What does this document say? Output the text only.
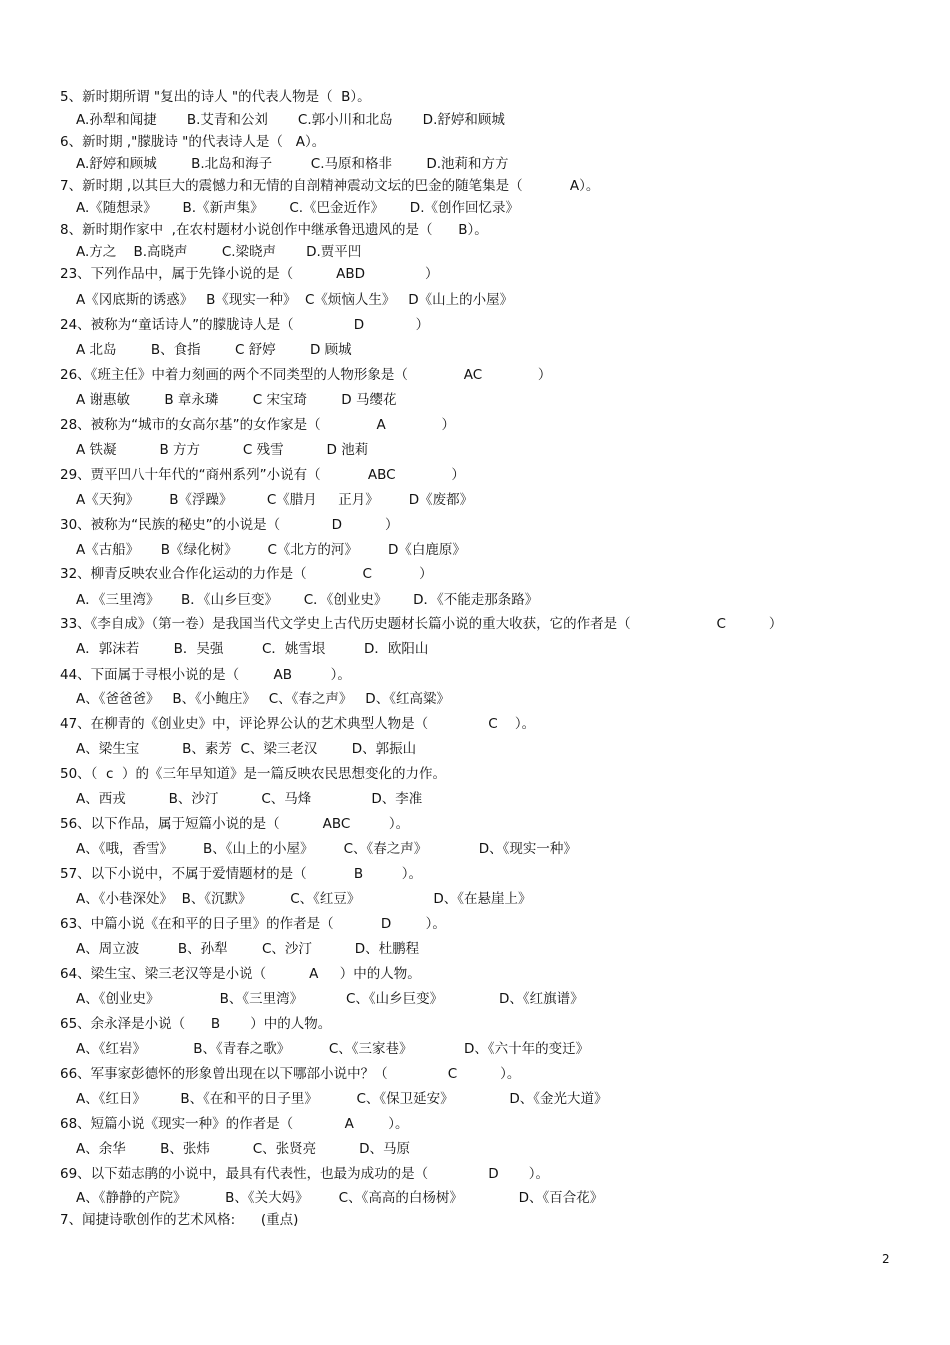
5、新时期所谓 "复出的诗人 "的代表人物是（  B）。
A.孙犁和闻捷       B.艾青和公刘       C.郭小川和北岛       D.舒婷和顾城
6、新时期 ,"朦胧诗 "的代表诗人是（   A）。
A.舒婷和顾城        B.北岛和海子         C.马原和格非        D.池莉和方方
7、新时期 ,以其巨大的震憾力和无情的自剖精神震动文坛的巴金的随笔集是（           A）。
A.《随想录》      B.《新声集》      C.《巴金近作》      D.《创作回忆录》
8、新时期作家中  ,在农村题材小说创作中继承鲁迅遗风的是（      B）。
A.方之    B.高晓声        C.梁晓声       D.贾平凹
23、下列作品中，属于先锋小说的是（          ABD              ）
A《冈底斯的诱惑》   B《现实一种》  C《烦恼人生》   D《山上的小屋》
24、被称为“童话诗人”的朦胧诗人是（              D            ）
A 北岛        B、食指        C 舒婷        D 顾城
26、《班主任》中着力刻画的两个不同类型的人物形象是（             AC             ）
A 谢惠敏        B 章永璘        C 宋宝琦        D 马缨花
28、被称为“城市的女高尔基”的女作家是（             A             ）
A 铁凝          B 方方          C 残雪          D 池莉
29、贾平凹八十年代的“商州系列”小说有（           ABC             ）
A《天狗》       B《浮躁》        C《腊月     正月》       D《废都》
30、被称为“民族的秘史”的小说是（            D          ）
A《古船》     B《绿化树》       C《北方的河》       D《白鹿原》
32、柳青反映农业合作化运动的力作是（             C           ）
A．《三里湾》     B．《山乡巨变》      C．《创业史》      D．《不能走那条路》
33、《李自成》（第一卷）是我国当代文学史上古代历史题材长篇小说的重大收获，它的作者是（                    C          ）
A．郭沫若        B．吴强         C．姚雪垠         D．欧阳山
44、下面属于寻根小说的是（        AB         ）。
A、《爸爸爸》   B、《小鲍庄》   C、《春之声》   D、《红高粱》
47、在柳青的《创业史》中，评论界公认的艺术典型人物是（              C    ）。
A、梁生宝          B、素芳  C、梁三老汉        D、郭振山
50、（  c  ）的《三年早知道》是一篇反映农民思想变化的力作。
A、西戎          B、沙汀          C、马烽              D、李准
56、以下作品，属于短篇小说的是（          ABC         ）。
A、《哦，香雪》       B、《山上的小屋》       C、《春之声》            D、《现实一种》
57、以下小说中，不属于爱情题材的是（           B         ）。
A、《小巷深处》  B、《沉默》         C、《红豆》                 D、《在悬崖上》
63、中篇小说《在和平的日子里》的作者是（           D        ）。
A、周立波         B、孙犁        C、沙汀          D、杜鹏程
64、梁生宝、梁三老汉等是小说（          A     ）中的人物。
A、《创业史》              B、《三里湾》          C、《山乡巨变》             D、《红旗谱》
65、余永泽是小说（      B       ）中的人物。
A、《红岩》           B、《青春之歌》         C、《三家巷》            D、《六十年的变迁》
66、军事家彭德怀的形象曾出现在以下哪部小说中？（              C          ）。
A、《红日》        B、《在和平的日子里》         C、《保卫延安》             D、《金光大道》
68、短篇小说《现实一种》的作者是（            A        ）。
A、余华        B、张炜          C、张贤亮          D、马原
69、以下茹志鹃的小说中，最具有代表性，也最为成功的是（              D       ）。
A、《静静的产院》         B、《关大妈》       C、《高高的白杨树》             D、《百合花》
7、闻捷诗歌创作的艺术风格:      (重点)
2
